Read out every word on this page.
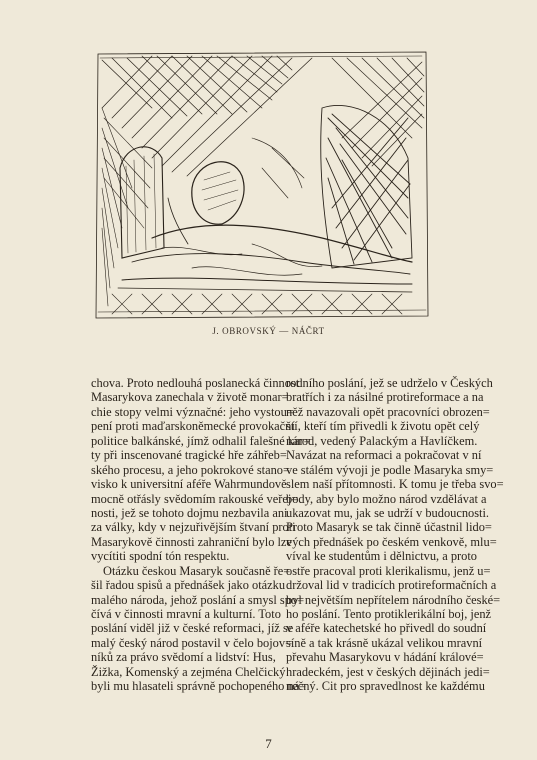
J. OBROVSKÝ — NÁČRT
chova. Proto nedlouhá poslanecká činnost
Masarykova zanechala v životě monar=
chie stopy velmi význačné: jeho vystou=
pení proti maďarskoněmecké provokační
politice balkánské, jímž odhalil falešné kar=
ty při inscenované tragické hře záhřeb=
ského procesu, a jeho pokrokové stano=
visko k universitní aféře Wahrmundově
mocně otřásly svědomím rakouské veřej=
nosti, jež se tohoto dojmu nezbavila ani
za války, kdy v nejzuřivějším štvaní proti
Masarykově činnosti zahraniční bylo lze
vycítiti spodní tón respektu.
Otázku českou Masaryk současně ře=
šil řadou spisů a přednášek jako otázku
malého národa, jehož poslání a smysl spo=
čívá v činnosti mravní a kulturní. Toto
poslání viděl již v české reformaci, jíž se
malý český národ postavil v čelo bojov=
níků za právo svědomí a lidství: Hus,
Žižka, Komenský a zejména Chelčický
byli mu hlasateli správně pochopeného ná=
rodního poslání, jež se udrželo v Českých
bratřích i za násilné protireformace a na
něž navazovali opět pracovníci obrozen=
ští, kteří tím přivedli k životu opět celý
národ, vedený Palackým a Havlíčkem.
Navázat na reformaci a pokračovat v ní
ve stálém vývoji je podle Masaryka smy=
slem naší přítomnosti. K tomu je třeba svo=
body, aby bylo možno národ vzdělávat a
ukazovat mu, jak se udrží v budoucnosti.
Proto Masaryk se tak činně účastnil lido=
vých přednášek po českém venkově, mlu=
víval ke studentům i dělnictvu, a proto
ostře pracoval proti klerikalismu, jenž u=
držoval lid v tradicích protireformačních a
byl největším nepřítelem národního české=
ho poslání. Tento protiklerikální boj, jenž
v aféře katechetské ho přivedl do soudní
síně a tak krásně ukázal velikou mravní
převahu Masarykovu v hádání králové=
hradeckém, jest v českých dějinách jedi=
nečný. Cit pro spravedlnost ke každému
7
